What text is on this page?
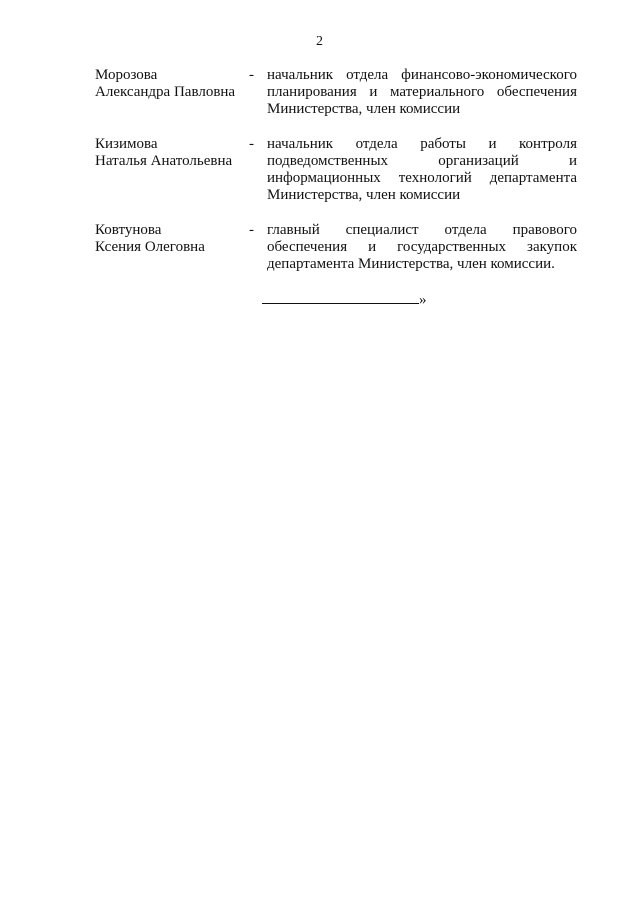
2
Морозова
Александра Павловна
- начальник отдела финансово-экономического
планирования и материального обеспечения
Министерства, член комиссии
Кизимова
Наталья Анатольевна
- начальник отдела работы и контроля
подведомственных организаций и
информационных технологий департамента
Министерства, член комиссии
Ковтунова
Ксения Олеговна
- главный специалист отдела правового
обеспечения и государственных закупок
департамента Министерства, член комиссии.
»
